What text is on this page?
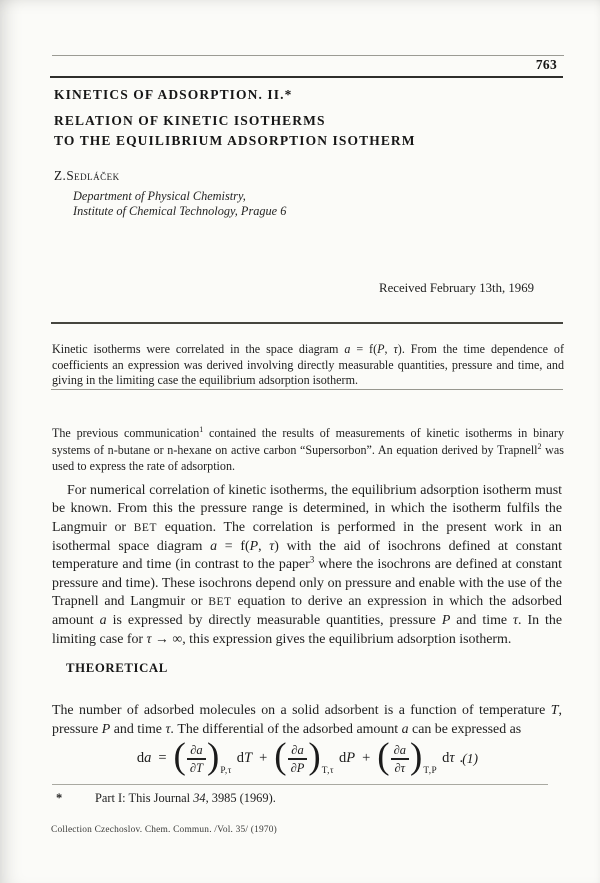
763
KINETICS OF ADSORPTION. II.*
RELATION OF KINETIC ISOTHERMS
TO THE EQUILIBRIUM ADSORPTION ISOTHERM
Z.Sedláček
Department of Physical Chemistry,
Institute of Chemical Technology, Prague 6
Received February 13th, 1969

Kinetic isotherms were correlated in the space diagram a = f(P, τ). From the time dependence of coefficients an expression was derived involving directly measurable quantities, pressure and time, and giving in the limiting case the equilibrium adsorption isotherm.

The previous communication$^1$ contained the results of measurements of kinetic isotherms in binary systems of n-butane or n-hexane on active carbon “Supersorbon”. An equation derived by Trapnell$^2$ was used to express the rate of adsorption.

For numerical correlation of kinetic isotherms, the equilibrium adsorption isotherm must be known. From this the pressure range is determined, in which the isotherm fulfils the Langmuir or BET equation. The correlation is performed in the present work in an isothermal space diagram a = f(P, τ) with the aid of isochrons defined at constant temperature and time (in contrast to the paper$^3$ where the isochrons are defined at constant pressure and time). These isochrons depend only on pressure and enable with the use of the Trapnell and Langmuir or BET equation to derive an expression in which the adsorbed amount a is expressed by directly measurable quantities, pressure P and time τ. In the limiting case for τ → ∞, this expression gives the equilibrium adsorption isotherm.

THEORETICAL

The number of adsorbed molecules on a solid adsorbent is a function of temperature T, pressure P and time τ. The differential of the adsorbed amount a can be expressed as

da = ( $\frac{\partial a}{\partial T}$ ) P,τ
dT + ( $\frac{\partial a}{\partial P}$ ) T,τ
dP + ( $\frac{\partial a}{\partial\tau}$ ) T,P
dτ . (1)
*	Part I: This Journal 34, 3985 (1969).
Collection Czechoslov. Chem. Commun. /Vol. 35/ (1970)
